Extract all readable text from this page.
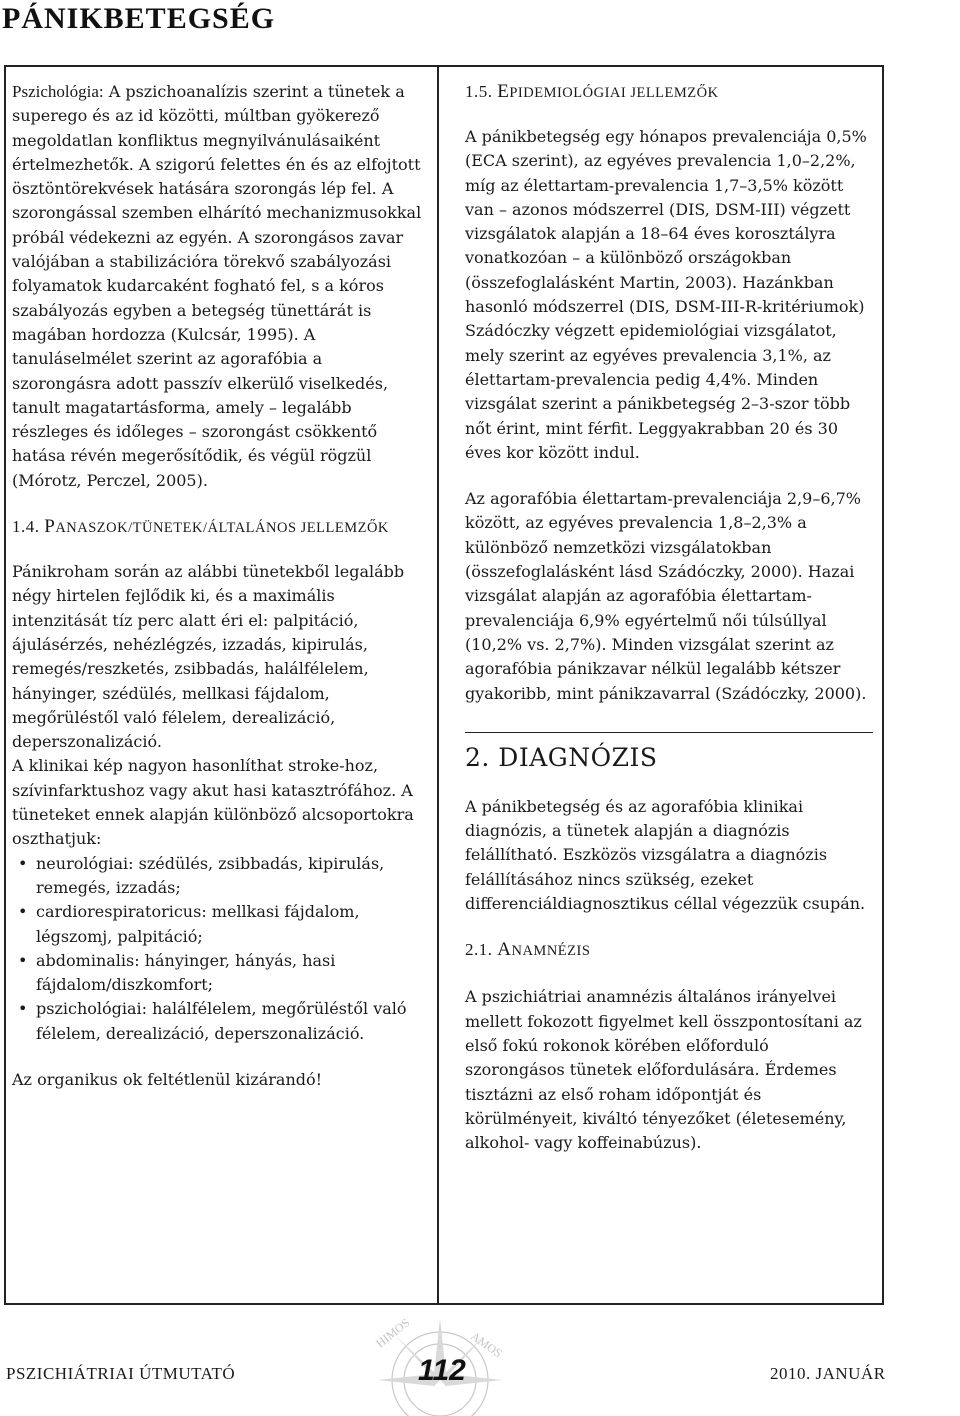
PÁNIKBETEGSÉG

Pszichológia: A pszichoanalízis szerint a tünetek a superego és az id közötti, múltban gyökerező megoldatlan konfliktus megnyilvánulásaiként értelmezhetők. A szigorú felettes én és az elfojtott ösztöntörekvések hatására szorongás lép fel. A szorongással szemben elhárító mechanizmusokkal próbál védekezni az egyén. A szorongásos zavar valójában a stabilizációra törekvő szabályozási folyamatok kudarcaként fogható fel, s a kóros szabályozás egyben a betegség tünettárát is magában hordozza (Kulcsár, 1995). A tanuláselmélet szerint az agorafóbia a szorongásra adott passzív elkerülő viselkedés, tanult magatartásforma, amely – legalább részleges és időleges – szorongást csökkentő hatása révén megerősítődik, és végül rögzül (Mórotz, Perczel, 2005).

1.4. PANASZOK/TÜNETEK/ÁLTALÁNOS JELLEMZŐK

Pánikroham során az alábbi tünetekből legalább négy hirtelen fejlődik ki, és a maximális intenzitását tíz perc alatt éri el: palpitáció, ájulásérzés, nehézlégzés, izzadás, kipirulás, remegés/reszketés, zsibbadás, halálfélelem, hányinger, szédülés, mellkasi fájdalom, megőrüléstől való félelem, derealizáció, deperszonalizáció.

A klinikai kép nagyon hasonlíthat stroke-hoz, szívinfarktushoz vagy akut hasi katasztrófához. A tüneteket ennek alapján különböző alcsoportokra oszthatjuk:

• neurológiai: szédülés, zsibbadás, kipirulás, remegés, izzadás;
• cardiorespiratoricus: mellkasi fájdalom, légszomj, palpitáció;
• abdominalis: hányinger, hányás, hasi fájdalom/diszkomfort;
• pszichológiai: halálfélelem, megőrüléstől való félelem, derealizáció, deperszonalizáció.

Az organikus ok feltétlenül kizárandó!

1.5. EPIDEMIOLÓGIAI JELLEMZŐK

A pánikbetegség egy hónapos prevalenciája 0,5% (ECA szerint), az egyéves prevalencia 1,0–2,2%, míg az élettartam-prevalencia 1,7–3,5% között van – azonos módszerrel (DIS, DSM-III) végzett vizsgálatok alapján a 18–64 éves korosztályra vonatkozóan – a különböző országokban (összefoglalásként Martin, 2003). Hazánkban hasonló módszerrel (DIS, DSM-III-R-kritériumok) Szádóczky végzett epidemiológiai vizsgálatot, mely szerint az egyéves prevalencia 3,1%, az élettartam-prevalencia pedig 4,4%. Minden vizsgálat szerint a pánikbetegség 2–3-szor több nőt érint, mint férfit. Leggyakrabban 20 és 30 éves kor között indul.

Az agorafóbia élettartam-prevalenciája 2,9–6,7% között, az egyéves prevalencia 1,8–2,3% a különböző nemzetközi vizsgálatokban (összefoglalásként lásd Szádóczky, 2000). Hazai vizsgálat alapján az agorafóbia élettartam-prevalenciája 6,9% egyértelmű női túlsúllyal (10,2% vs. 2,7%). Minden vizsgálat szerint az agorafóbia pánikzavar nélkül legalább kétszer gyakoribb, mint pánikzavarral (Szádóczky, 2000).

2. DIAGNÓZIS

A pánikbetegség és az agorafóbia klinikai diagnózis, a tünetek alapján a diagnózis felállítható. Eszközös vizsgálatra a diagnózis felállításához nincs szükség, ezeket differenciáldiagnosztikus céllal végezzük csupán.

2.1. ANAMNÉZIS

A pszichiátriai anamnézis általános irányelvei mellett fokozott figyelmet kell összpontosítani az első fokú rokonok körében előforduló szorongásos tünetek előfordulására. Érdemes tisztázni az első roham időpontját és körülményeit, kiváltó tényezőket (életesemény, alkohol- vagy koffeinabúzus).

HIMOS	AMOS
PSZICHIÁTRIAI ÚTMUTATÓ	112	2010. JANUÁR
